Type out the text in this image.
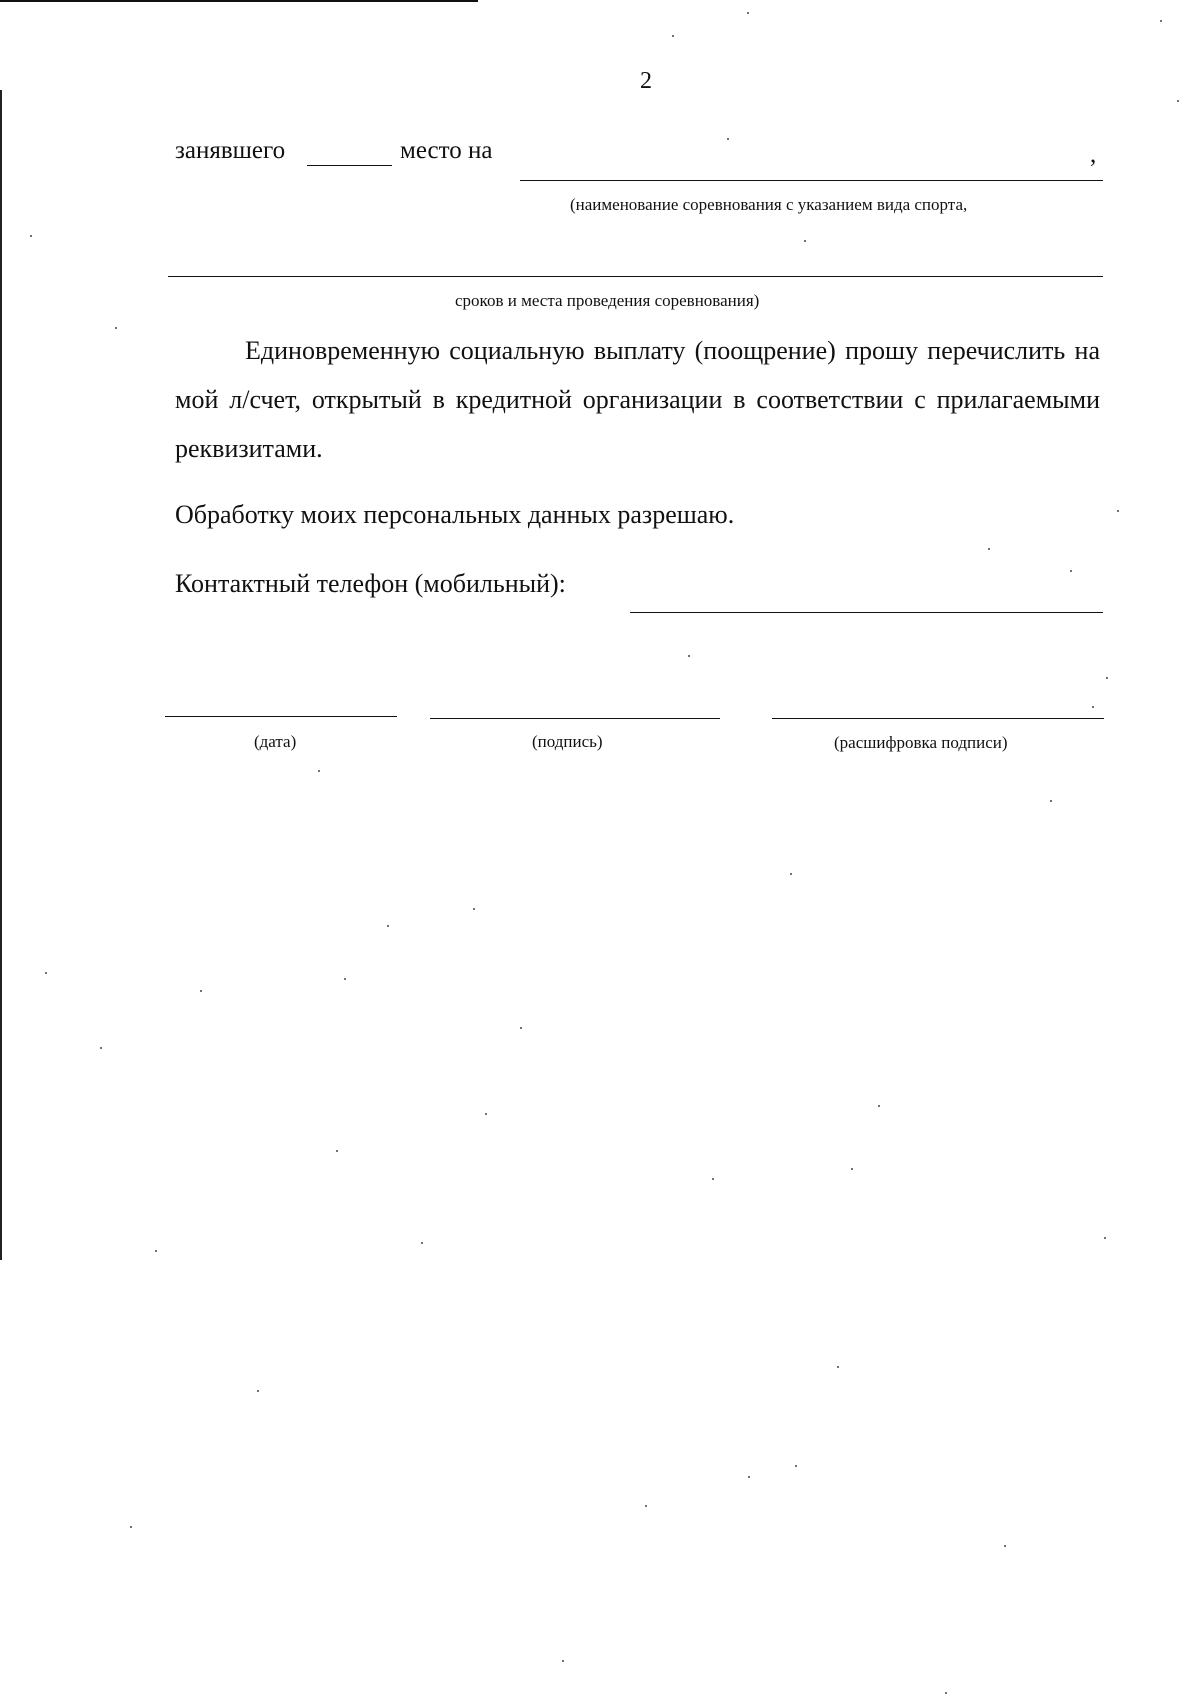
2
занявшего	место на	,
(наименование соревнования с указанием вида спорта,
сроков и места проведения соревнования)
Единовременную социальную выплату (поощрение) прошу перечислить на мой л/счет, открытый в кредитной организации в соответствии с прилагаемыми реквизитами.
Обработку моих персональных данных разрешаю.
Контактный телефон (мобильный):
(дата)	(подпись)	(расшифровка подписи)
